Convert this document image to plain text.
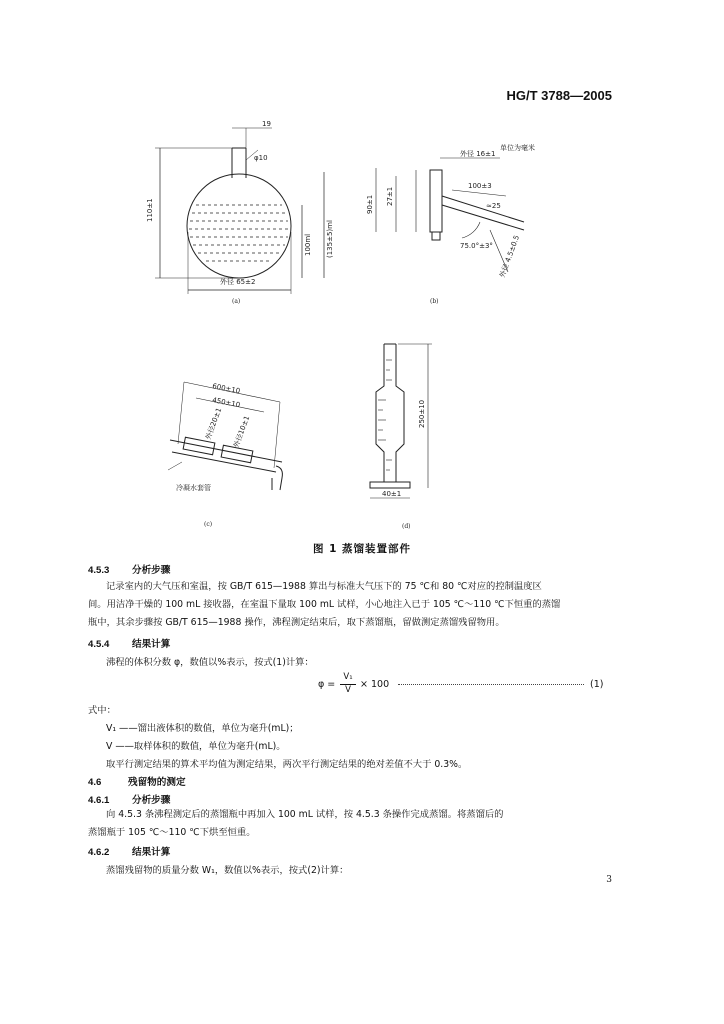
HG/T 3788—2005
19
φ10
110±1
100ml (135±5)ml
外径 65±2
(a)
单位为毫米
外径 16±1
90±1 27±1
100±3
75.0°±3°
≈25
外径 4.5±0.5
(b)
600±10
450±10
外径20±1 外径10±1
冷凝水套管
(c)
250±10
40±1
(d)
图 1 蒸馏装置部件
4.5.3 分析步骤
记录室内的大气压和室温，按 GB/T 615—1988 算出与标准大气压下的 75 ℃和 80 ℃对应的控制温度区
间。用洁净干燥的 100 mL 接收器，在室温下量取 100 mL 试样，小心地注入已于 105 ℃～110 ℃下恒重的蒸馏
瓶中，其余步骤按 GB/T 615—1988 操作，沸程测定结束后，取下蒸馏瓶，留做测定蒸馏残留物用。
4.5.4 结果计算
沸程的体积分数 φ，数值以%表示，按式(1)计算：
φ =
V₁
V × 100	(1)
式中：
V₁ ——馏出液体积的数值，单位为毫升(mL)；
V ——取样体积的数值，单位为毫升(mL)。
取平行测定结果的算术平均值为测定结果，两次平行测定结果的绝对差值不大于 0.3%。
4.6	残留物的测定
4.6.1 分析步骤
向 4.5.3 条沸程测定后的蒸馏瓶中再加入 100 mL 试样，按 4.5.3 条操作完成蒸馏。将蒸馏后的
蒸馏瓶于 105 ℃～110 ℃下烘至恒重。
4.6.2 结果计算
蒸馏残留物的质量分数 W₁，数值以%表示，按式(2)计算：
3
